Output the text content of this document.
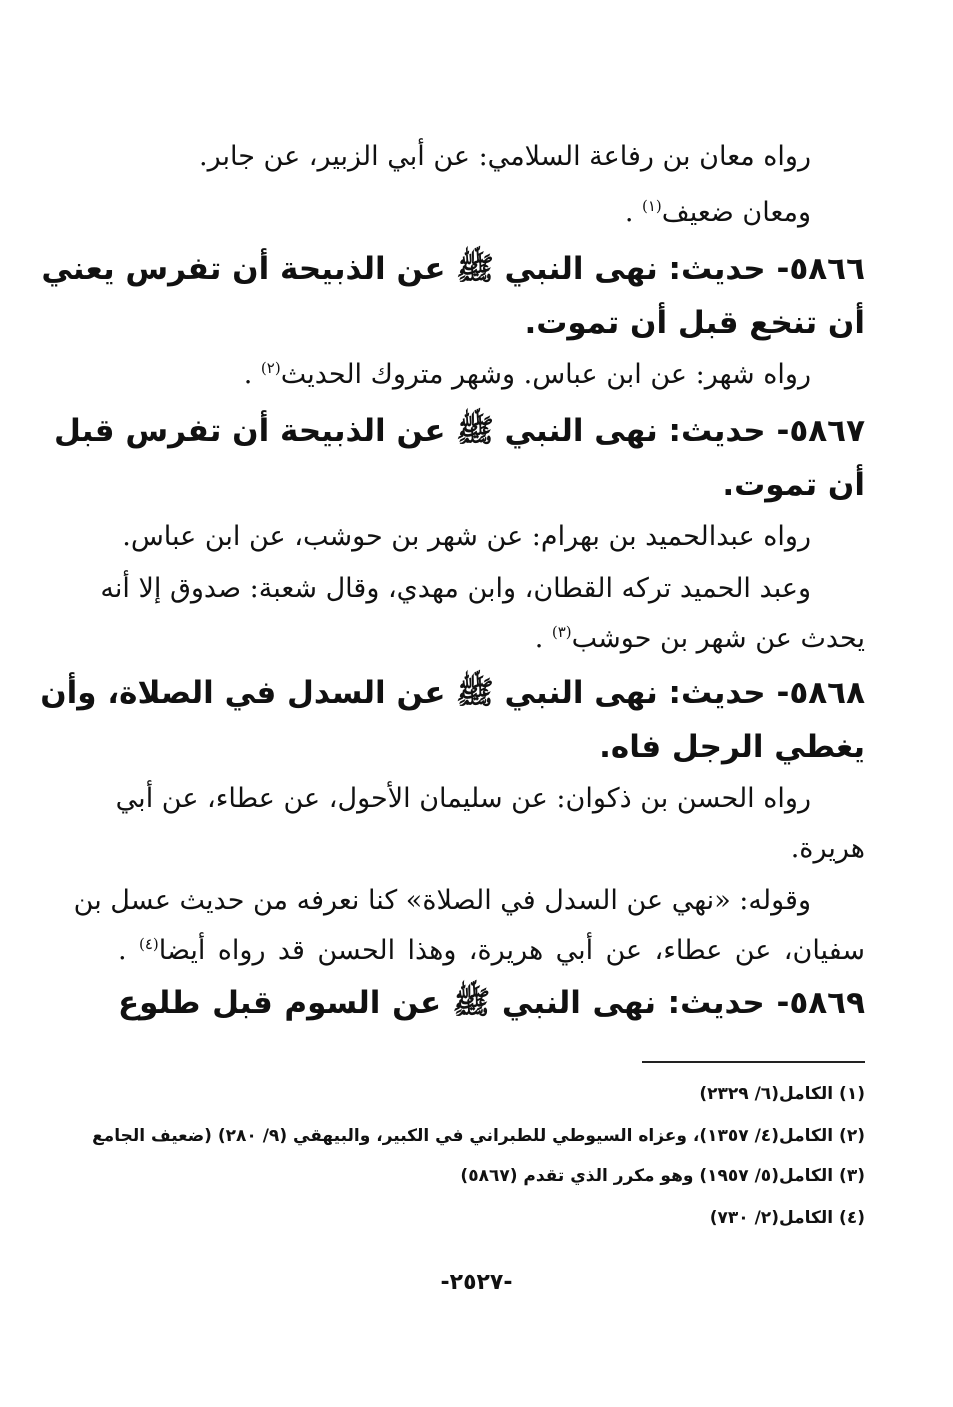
رواه معان بن رفاعة السلامي: عن أبي الزبير، عن جابر.
ومعان ضعيف$^{(١)}$ .
٥٨٦٦- حديث: نهى النبي ﷺ عن الذبيحة أن تفرس يعني
أن تنخع قبل أن تموت.
رواه شهر: عن ابن عباس. وشهر متروك الحديث$^{(٢)}$ .
٥٨٦٧- حديث: نهى النبي ﷺ عن الذبيحة أن تفرس قبل
أن تموت.
رواه عبدالحميد بن بهرام: عن شهر بن حوشب، عن ابن عباس.
وعبد الحميد تركه القطان، وابن مهدي، وقال شعبة: صدوق إلا أنه
يحدث عن شهر بن حوشب$^{(٣)}$ .
٥٨٦٨- حديث: نهى النبي ﷺ عن السدل في الصلاة، وأن
يغطي الرجل فاه.
رواه الحسن بن ذكوان: عن سليمان الأحول، عن عطاء، عن أبي
هريرة.
وقوله: «نهي عن السدل في الصلاة» كنا نعرفه من حديث عسل بن
سفيان، عن عطاء، عن أبي هريرة، وهذا الحسن قد رواه أيضا$^{(٤)}$ .
٥٨٦٩- حديث: نهى النبي ﷺ عن السوم قبل طلوع
(١) الكامل(٦/ ٢٣٢٩)
(٢) الكامل(٤/ ١٣٥٧)، وعزاه السيوطي للطبراني في الكبير، والبيهقي (٩/ ٢٨٠) (ضعيف الجامع
(٣) الكامل(٥/ ١٩٥٧) وهو مكرر الذي تقدم (٥٨٦٧)
(٤) الكامل(٢/ ٧٣٠)
-٢٥٢٧-
